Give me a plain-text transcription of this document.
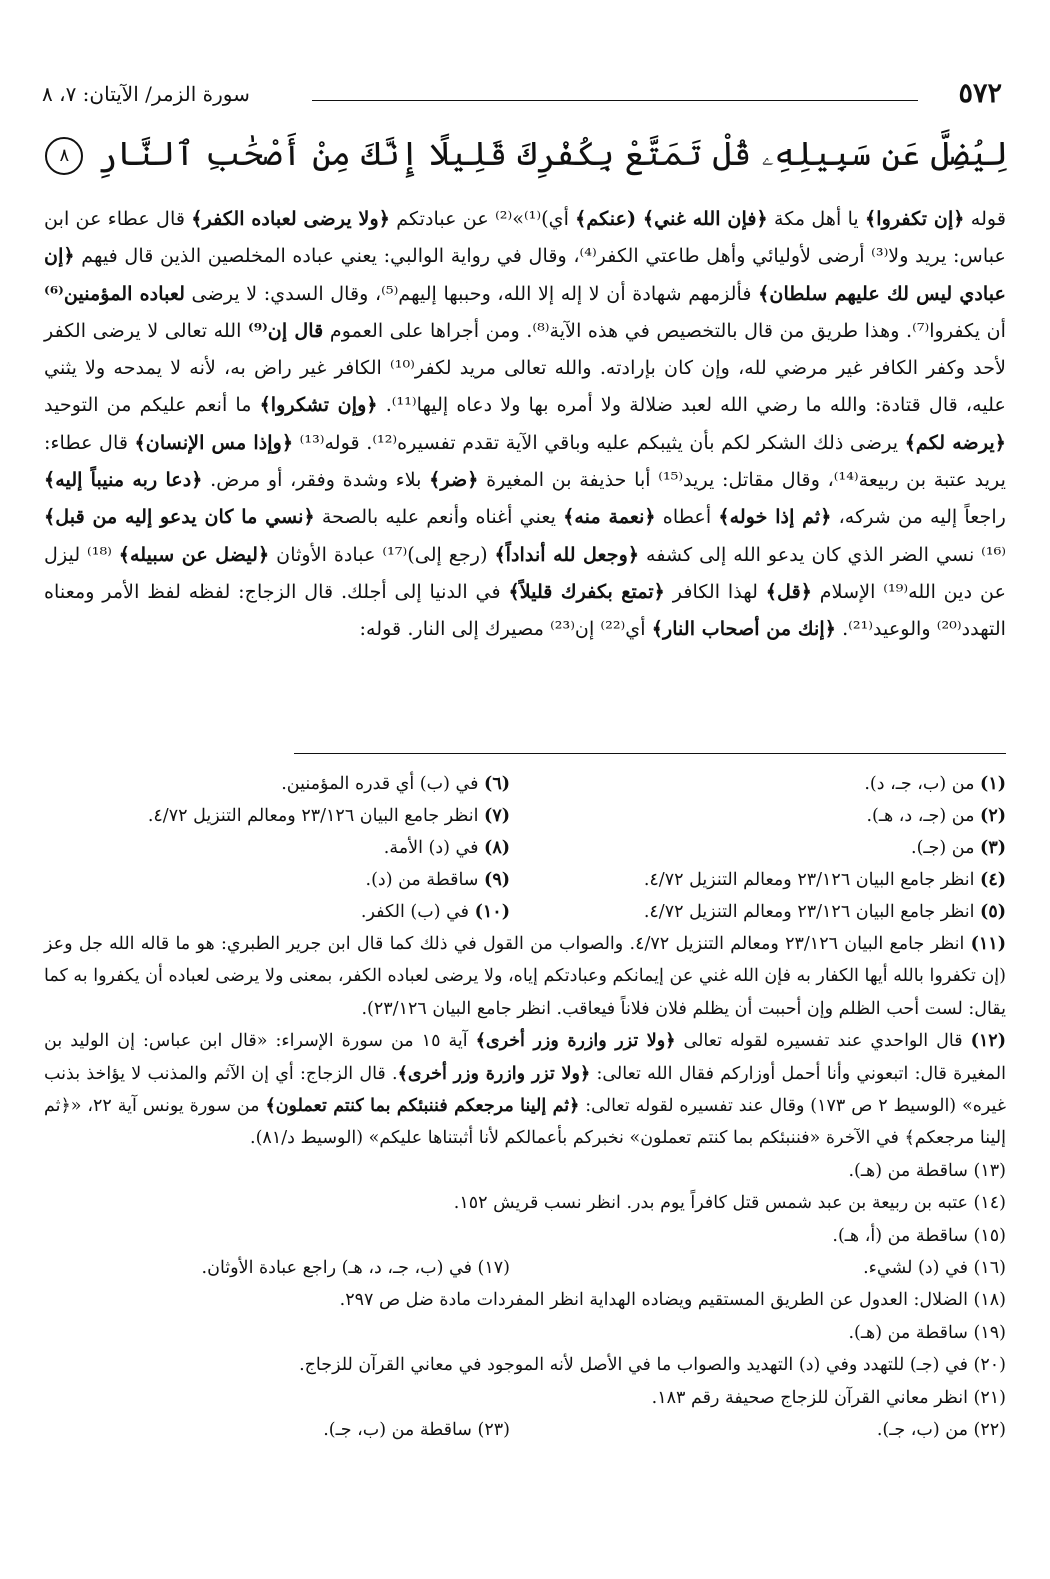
٥٧٢
سورة الزمر/ الآيتان: ٧، ٨
لِيُضِلَّ عَن سَبِيلِهِۦ قُلْ تَمَتَّعْ بِكُفْرِكَ قَلِيلًا إِنَّكَ مِنْ أَصْحَٰبِ ٱلنَّارِ ٨
قوله ﴿إن تكفروا﴾ يا أهل مكة ﴿فإن الله غني﴾ (عنكم﴾ أي)⁽¹⁾»⁽²⁾ عن عبادتكم ﴿ولا يرضى لعباده الكفر﴾ قال عطاء عن ابن عباس: يريد ولا⁽³⁾ أرضى لأوليائي وأهل طاعتي الكفر⁽⁴⁾، وقال في رواية الوالبي: يعني عباده المخلصين الذين قال فيهم ﴿إن عبادي ليس لك عليهم سلطان﴾ فألزمهم شهادة أن لا إله إلا الله، وحببها إليهم⁽⁵⁾، وقال السدي: لا يرضى لعباده المؤمنين⁽⁶⁾ أن يكفروا⁽⁷⁾. وهذا طريق من قال بالتخصيص في هذه الآية⁽⁸⁾. ومن أجراها على العموم قال إن⁽⁹⁾ الله تعالى لا يرضى الكفر لأحد وكفر الكافر غير مرضي لله، وإن كان بإرادته. والله تعالى مريد لكفر⁽¹⁰⁾ الكافر غير راض به، لأنه لا يمدحه ولا يثني عليه، قال قتادة: والله ما رضي الله لعبد ضلالة ولا أمره بها ولا دعاه إليها⁽¹¹⁾. ﴿وإن تشكروا﴾ ما أنعم عليكم من التوحيد ﴿يرضه لكم﴾ يرضى ذلك الشكر لكم بأن يثيبكم عليه وباقي الآية تقدم تفسيره⁽¹²⁾. قوله⁽¹³⁾ ﴿وإذا مس الإنسان﴾ قال عطاء: يريد عتبة بن ربيعة⁽¹⁴⁾، وقال مقاتل: يريد⁽¹⁵⁾ أبا حذيفة بن المغيرة ﴿ضر﴾ بلاء وشدة وفقر، أو مرض. ﴿دعا ربه منيباً إليه﴾ راجعاً إليه من شركه، ﴿ثم إذا خوله﴾ أعطاه ﴿نعمة منه﴾ يعني أغناه وأنعم عليه بالصحة ﴿نسي ما كان يدعو إليه من قبل﴾ ⁽¹⁶⁾ نسي الضر الذي كان يدعو الله إلى كشفه ﴿وجعل لله أنداداً﴾ (رجع إلى)⁽¹⁷⁾ عبادة الأوثان ﴿ليضل عن سبيله﴾ ⁽¹⁸⁾ ليزل عن دين الله⁽¹⁹⁾ الإسلام ﴿قل﴾ لهذا الكافر ﴿تمتع بكفرك قليلاً﴾ في الدنيا إلى أجلك. قال الزجاج: لفظه لفظ الأمر ومعناه التهدد⁽²⁰⁾ والوعيد⁽²¹⁾. ﴿إنك من أصحاب النار﴾ أي⁽²²⁾ إن⁽²³⁾ مصيرك إلى النار. قوله:
(١) من (ب، جـ، د).
(٦) في (ب) أي قدره المؤمنين.
(٢) من (جـ، د، هـ).
(٧) انظر جامع البيان ٢٣/١٢٦ ومعالم التنزيل ٤/٧٢.
(٣) من (جـ).
(٨) في (د) الأمة.
(٤) انظر جامع البيان ٢٣/١٢٦ ومعالم التنزيل ٤/٧٢.
(٩) ساقطة من (د).
(٥) انظر جامع البيان ٢٣/١٢٦ ومعالم التنزيل ٤/٧٢.
(١٠) في (ب) الكفر.

(١١) انظر جامع البيان ٢٣/١٢٦ ومعالم التنزيل ٤/٧٢. والصواب من القول في ذلك كما قال ابن جرير الطبري: هو ما قاله الله جل وعز (إن تكفروا بالله أيها الكفار به فإن الله غني عن إيمانكم وعبادتكم إياه، ولا يرضى لعباده الكفر، بمعنى ولا يرضى لعباده أن يكفروا به كما يقال: لست أحب الظلم وإن أحببت أن يظلم فلان فلاناً فيعاقب. انظر جامع البيان ٢٣/١٢٦).

(١٢) قال الواحدي عند تفسيره لقوله تعالى ﴿ولا تزر وازرة وزر أخرى﴾ آية ١٥ من سورة الإسراء: «قال ابن عباس: إن الوليد بن المغيرة قال: اتبعوني وأنا أحمل أوزاركم فقال الله تعالى: ﴿ولا تزر وازرة وزر أخرى﴾. قال الزجاج: أي إن الآثم والمذنب لا يؤاخذ بذنب غيره» (الوسيط ٢ ص ١٧٣) وقال عند تفسيره لقوله تعالى: ﴿ثم إلينا مرجعكم فننبئكم بما كنتم تعملون﴾ من سورة يونس آية ٢٢، «﴿ثم إلينا مرجعكم﴾ في الآخرة «فننبئكم بما كنتم تعملون» نخبركم بأعمالكم لأنا أثبتناها عليكم» (الوسيط د/٨١).

(١٣) ساقطة من (هـ).

(١٤) عتبه بن ربيعة بن عبد شمس قتل كافراً يوم بدر. انظر نسب قريش ١٥٢.

(١٥) ساقطة من (أ، هـ).

(١٦) في (د) لشيء.

(١٧) في (ب، جـ، د، هـ) راجع عبادة الأوثان.

(١٨) الضلال: العدول عن الطريق المستقيم ويضاده الهداية انظر المفردات مادة ضل ص ٢٩٧.

(١٩) ساقطة من (هـ).

(٢٠) في (جـ) للتهدد وفي (د) التهديد والصواب ما في الأصل لأنه الموجود في معاني القرآن للزجاج.

(٢١) انظر معاني القرآن للزجاج صحيفة رقم ١٨٣.

(٢٢) من (ب، جـ).

(٢٣) ساقطة من (ب، جـ).
